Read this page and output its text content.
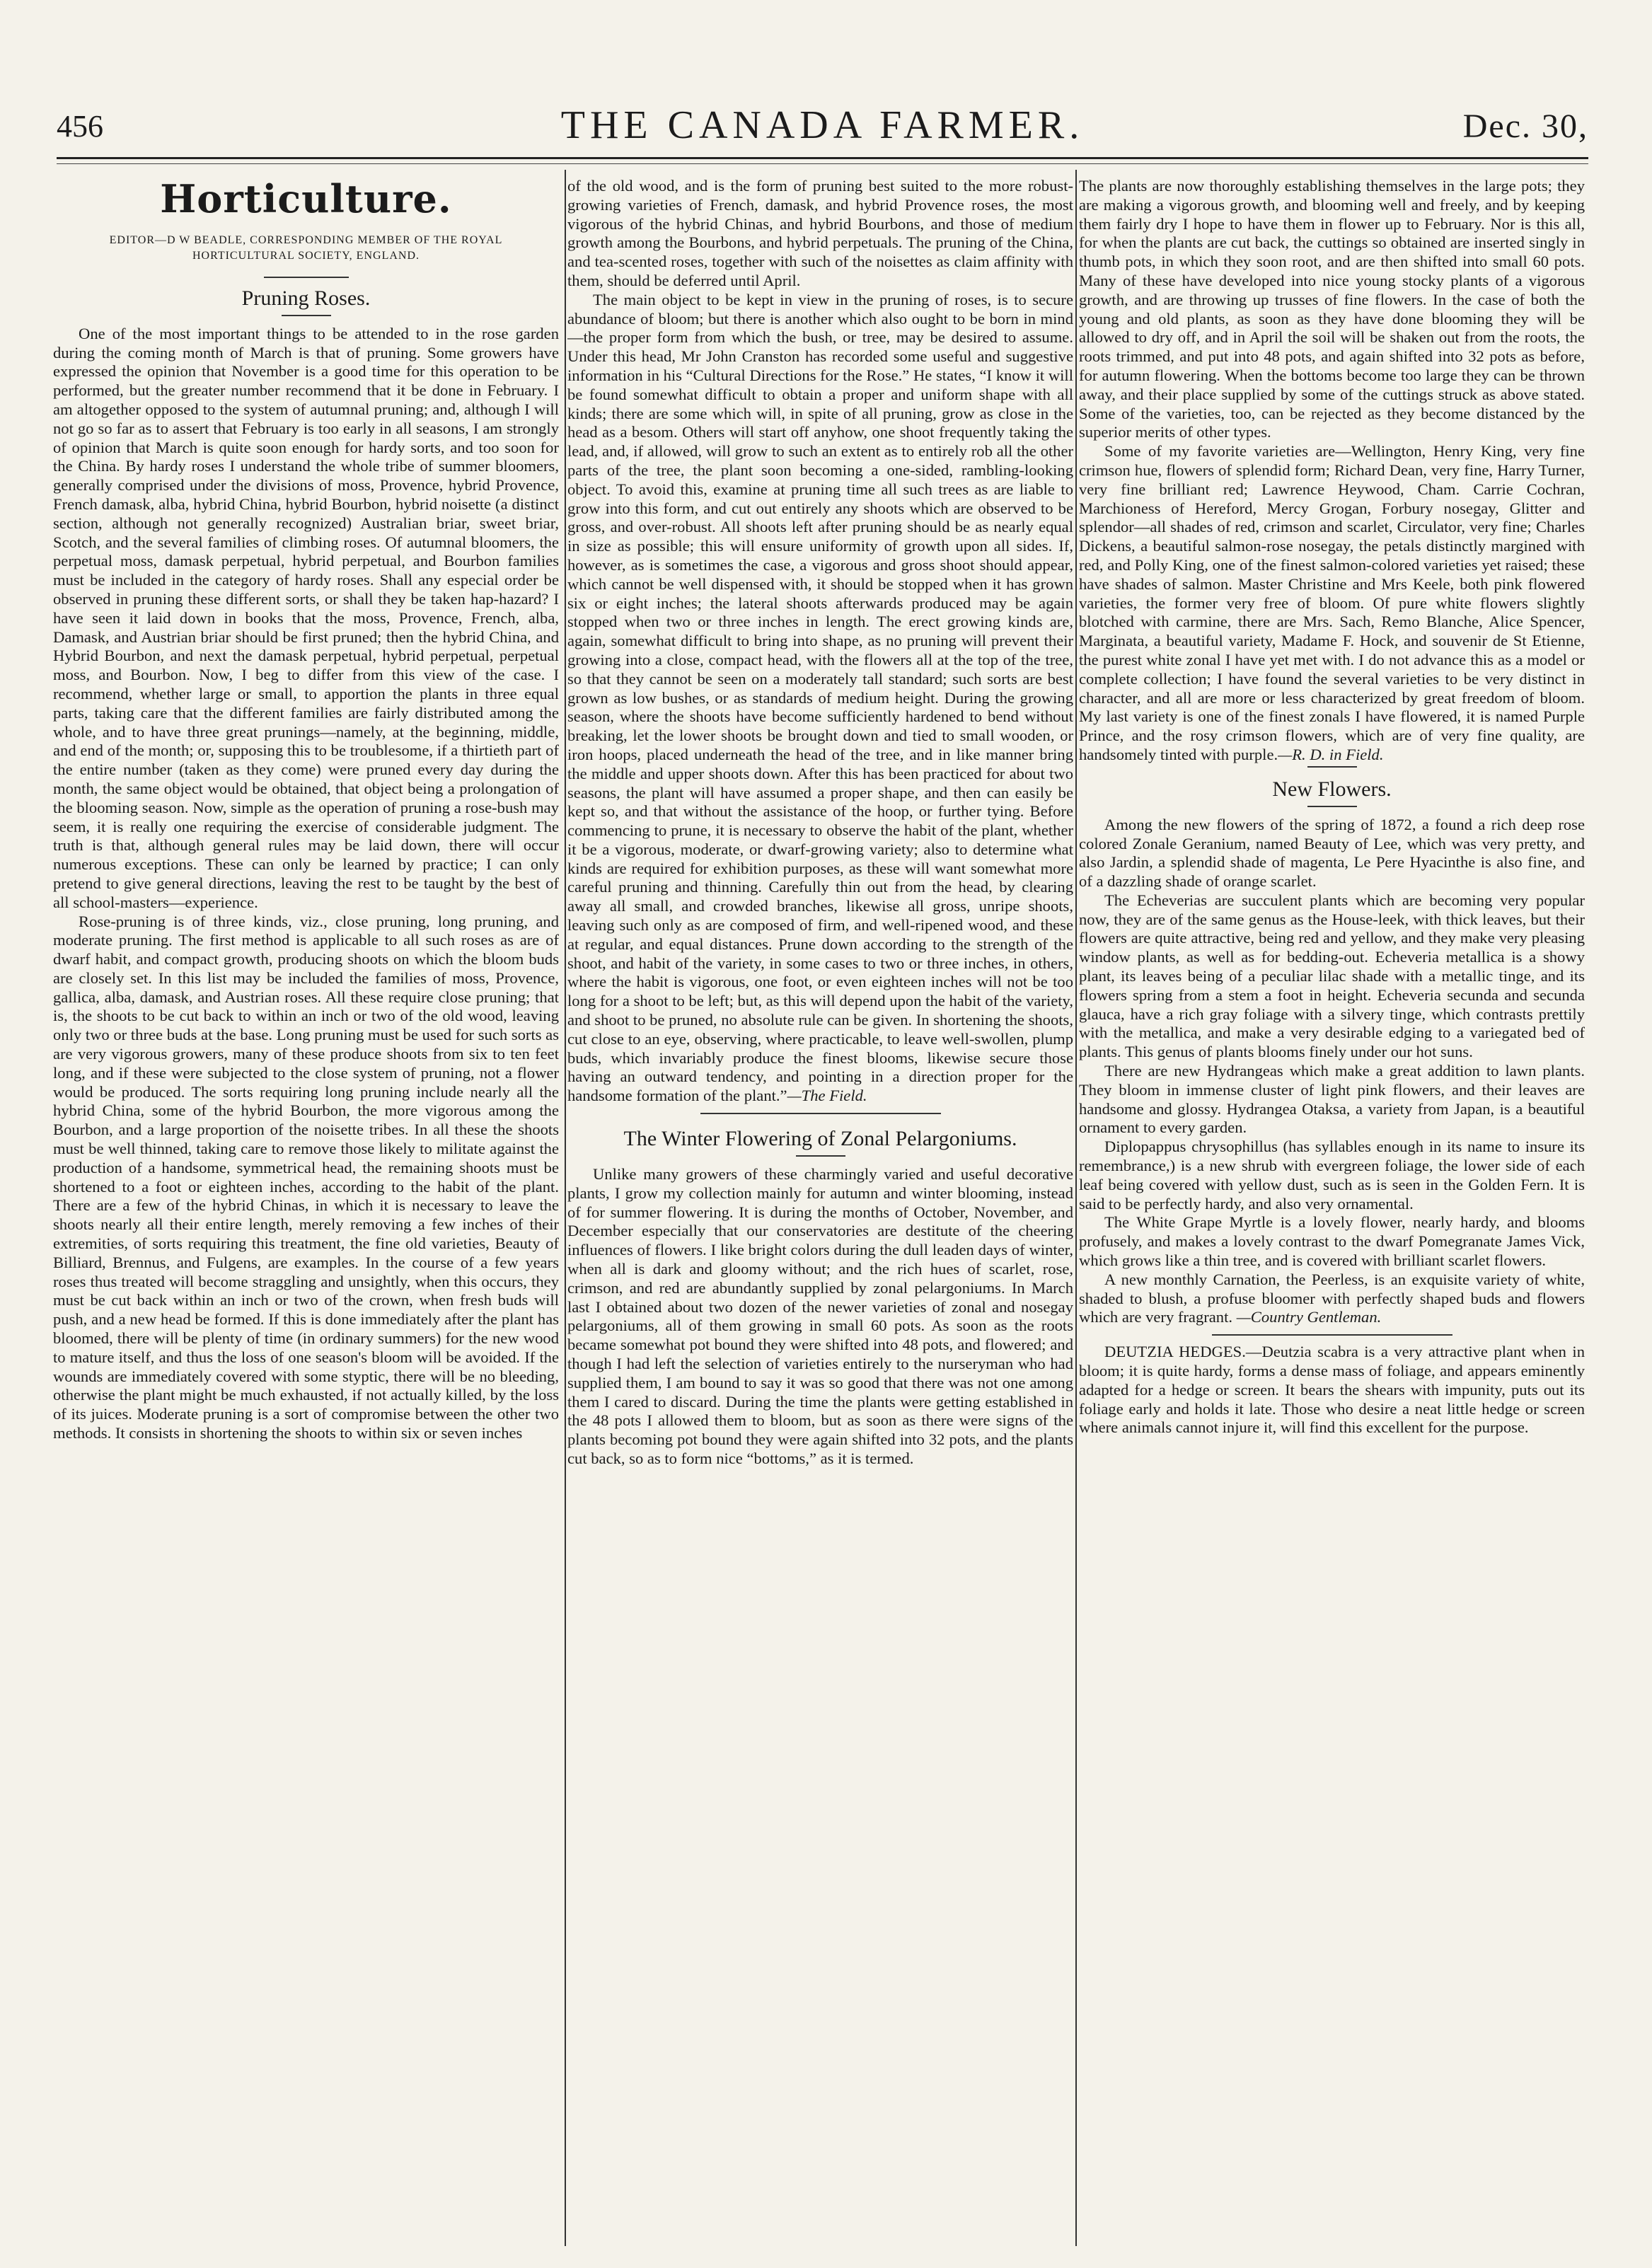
456	THE CANADA FARMER.	Dec. 30,
Horticulture.
EDITOR—D W BEADLE, CORRESPONDING MEMBER OF THE ROYAL HORTICULTURAL SOCIETY, ENGLAND.
Pruning Roses.

One of the most important things to be attended to in the rose garden during the coming month of March is that of pruning. Some growers have expressed the opinion that November is a good time for this operation to be performed, but the greater number recommend that it be done in February. I am altogether opposed to the system of autumnal pruning; and, although I will not go so far as to assert that February is too early in all seasons, I am strongly of opinion that March is quite soon enough for hardy sorts, and too soon for the China. By hardy roses I understand the whole tribe of summer bloomers, generally comprised under the divisions of moss, Provence, hybrid Provence, French damask, alba, hybrid China, hybrid Bourbon, hybrid noisette (a distinct section, although not generally recognized) Australian briar, sweet briar, Scotch, and the several families of climbing roses. Of autumnal bloomers, the perpetual moss, damask perpetual, hybrid perpetual, and Bourbon families must be included in the category of hardy roses. Shall any especial order be observed in pruning these different sorts, or shall they be taken hap-hazard? I have seen it laid down in books that the moss, Provence, French, alba, Damask, and Austrian briar should be first pruned; then the hybrid China, and Hybrid Bourbon, and next the damask perpetual, hybrid perpetual, perpetual moss, and Bourbon. Now, I beg to differ from this view of the case. I recommend, whether large or small, to apportion the plants in three equal parts, taking care that the different families are fairly distributed among the whole, and to have three great prunings—namely, at the beginning, middle, and end of the month; or, supposing this to be troublesome, if a thirtieth part of the entire number (taken as they come) were pruned every day during the month, the same object would be obtained, that object being a prolongation of the blooming season. Now, simple as the operation of pruning a rose-bush may seem, it is really one requiring the exercise of considerable judgment. The truth is that, although general rules may be laid down, there will occur numerous exceptions. These can only be learned by practice; I can only pretend to give general directions, leaving the rest to be taught by the best of all school-masters—experience.

Rose-pruning is of three kinds, viz., close pruning, long pruning, and moderate pruning. The first method is applicable to all such roses as are of dwarf habit, and compact growth, producing shoots on which the bloom buds are closely set. In this list may be included the families of moss, Provence, gallica, alba, damask, and Austrian roses. All these require close pruning; that is, the shoots to be cut back to within an inch or two of the old wood, leaving only two or three buds at the base. Long pruning must be used for such sorts as are very vigorous growers, many of these produce shoots from six to ten feet long, and if these were subjected to the close system of pruning, not a flower would be produced. The sorts requiring long pruning include nearly all the hybrid China, some of the hybrid Bourbon, the more vigorous among the Bourbon, and a large proportion of the noisette tribes. In all these the shoots must be well thinned, taking care to remove those likely to militate against the production of a handsome, symmetrical head, the remaining shoots must be shortened to a foot or eighteen inches, according to the habit of the plant. There are a few of the hybrid Chinas, in which it is necessary to leave the shoots nearly all their entire length, merely removing a few inches of their extremities, of sorts requiring this treatment, the fine old varieties, Beauty of Billiard, Brennus, and Fulgens, are examples. In the course of a few years roses thus treated will become straggling and unsightly, when this occurs, they must be cut back within an inch or two of the crown, when fresh buds will push, and a new head be formed. If this is done immediately after the plant has bloomed, there will be plenty of time (in ordinary summers) for the new wood to mature itself, and thus the loss of one season's bloom will be avoided. If the wounds are immediately covered with some styptic, there will be no bleeding, otherwise the plant might be much exhausted, if not actually killed, by the loss of its juices. Moderate pruning is a sort of compromise between the other two methods. It consists in shortening the shoots to within six or seven inches

of the old wood, and is the form of pruning best suited to the more robust-growing varieties of French, damask, and hybrid Provence roses, the most vigorous of the hybrid Chinas, and hybrid Bourbons, and those of medium growth among the Bourbons, and hybrid perpetuals. The pruning of the China, and tea-scented roses, together with such of the noisettes as claim affinity with them, should be deferred until April.

The main object to be kept in view in the pruning of roses, is to secure abundance of bloom; but there is another which also ought to be born in mind—the proper form from which the bush, or tree, may be desired to assume. Under this head, Mr John Cranston has recorded some useful and suggestive information in his “Cultural Directions for the Rose.” He states, “I know it will be found somewhat difficult to obtain a proper and uniform shape with all kinds; there are some which will, in spite of all pruning, grow as close in the head as a besom. Others will start off anyhow, one shoot frequently taking the lead, and, if allowed, will grow to such an extent as to entirely rob all the other parts of the tree, the plant soon becoming a one-sided, rambling-looking object. To avoid this, examine at pruning time all such trees as are liable to grow into this form, and cut out entirely any shoots which are observed to be gross, and over-robust. All shoots left after pruning should be as nearly equal in size as possible; this will ensure uniformity of growth upon all sides. If, however, as is sometimes the case, a vigorous and gross shoot should appear, which cannot be well dispensed with, it should be stopped when it has grown six or eight inches; the lateral shoots afterwards produced may be again stopped when two or three inches in length. The erect growing kinds are, again, somewhat difficult to bring into shape, as no pruning will prevent their growing into a close, compact head, with the flowers all at the top of the tree, so that they cannot be seen on a moderately tall standard; such sorts are best grown as low bushes, or as standards of medium height. During the growing season, where the shoots have become sufficiently hardened to bend without breaking, let the lower shoots be brought down and tied to small wooden, or iron hoops, placed underneath the head of the tree, and in like manner bring the middle and upper shoots down. After this has been practiced for about two seasons, the plant will have assumed a proper shape, and then can easily be kept so, and that without the assistance of the hoop, or further tying. Before commencing to prune, it is necessary to observe the habit of the plant, whether it be a vigorous, moderate, or dwarf-growing variety; also to determine what kinds are required for exhibition purposes, as these will want somewhat more careful pruning and thinning. Carefully thin out from the head, by clearing away all small, and crowded branches, likewise all gross, unripe shoots, leaving such only as are composed of firm, and well-ripened wood, and these at regular, and equal distances. Prune down according to the strength of the shoot, and habit of the variety, in some cases to two or three inches, in others, where the habit is vigorous, one foot, or even eighteen inches will not be too long for a shoot to be left; but, as this will depend upon the habit of the variety, and shoot to be pruned, no absolute rule can be given. In shortening the shoots, cut close to an eye, observing, where practicable, to leave well-swollen, plump buds, which invariably produce the finest blooms, likewise secure those having an outward tendency, and pointing in a direction proper for the handsome formation of the plant.”—The Field.

The Winter Flowering of Zonal Pelargoniums.

Unlike many growers of these charmingly varied and useful decorative plants, I grow my collection mainly for autumn and winter blooming, instead of for summer flowering. It is during the months of October, November, and December especially that our conservatories are destitute of the cheering influences of flowers. I like bright colors during the dull leaden days of winter, when all is dark and gloomy without; and the rich hues of scarlet, rose, crimson, and red are abundantly supplied by zonal pelargoniums. In March last I obtained about two dozen of the newer varieties of zonal and nosegay pelargoniums, all of them growing in small 60 pots. As soon as the roots became somewhat pot bound they were shifted into 48 pots, and flowered; and though I had left the selection of varieties entirely to the nurseryman who had supplied them, I am bound to say it was so good that there was not one among them I cared to discard. During the time the plants were getting established in the 48 pots I allowed them to bloom, but as soon as there were signs of the plants becoming pot bound they were again shifted into 32 pots, and the plants cut back, so as to form nice “bottoms,” as it is termed.

The plants are now thoroughly establishing themselves in the large pots; they are making a vigorous growth, and blooming well and freely, and by keeping them fairly dry I hope to have them in flower up to February. Nor is this all, for when the plants are cut back, the cuttings so obtained are inserted singly in thumb pots, in which they soon root, and are then shifted into small 60 pots. Many of these have developed into nice young stocky plants of a vigorous growth, and are throwing up trusses of fine flowers. In the case of both the young and old plants, as soon as they have done blooming they will be allowed to dry off, and in April the soil will be shaken out from the roots, the roots trimmed, and put into 48 pots, and again shifted into 32 pots as before, for autumn flowering. When the bottoms become too large they can be thrown away, and their place supplied by some of the cuttings struck as above stated. Some of the varieties, too, can be rejected as they become distanced by the superior merits of other types.

Some of my favorite varieties are—Wellington, Henry King, very fine crimson hue, flowers of splendid form; Richard Dean, very fine, Harry Turner, very fine brilliant red; Lawrence Heywood, Cham. Carrie Cochran, Marchioness of Hereford, Mercy Grogan, Forbury nosegay, Glitter and splendor—all shades of red, crimson and scarlet, Circulator, very fine; Charles Dickens, a beautiful salmon-rose nosegay, the petals distinctly margined with red, and Polly King, one of the finest salmon-colored varieties yet raised; these have shades of salmon. Master Christine and Mrs Keele, both pink flowered varieties, the former very free of bloom. Of pure white flowers slightly blotched with carmine, there are Mrs. Sach, Remo Blanche, Alice Spencer, Marginata, a beautiful variety, Madame F. Hock, and souvenir de St Etienne, the purest white zonal I have yet met with. I do not advance this as a model or complete collection; I have found the several varieties to be very distinct in character, and all are more or less characterized by great freedom of bloom. My last variety is one of the finest zonals I have flowered, it is named Purple Prince, and the rosy crimson flowers, which are of very fine quality, are handsomely tinted with purple.—R. D. in Field.

New Flowers.

Among the new flowers of the spring of 1872, a found a rich deep rose colored Zonale Geranium, named Beauty of Lee, which was very pretty, and also Jardin, a splendid shade of magenta, Le Pere Hyacinthe is also fine, and of a dazzling shade of orange scarlet.

The Echeverias are succulent plants which are becoming very popular now, they are of the same genus as the House-leek, with thick leaves, but their flowers are quite attractive, being red and yellow, and they make very pleasing window plants, as well as for bedding-out. Echeveria metallica is a showy plant, its leaves being of a peculiar lilac shade with a metallic tinge, and its flowers spring from a stem a foot in height. Echeveria secunda and secunda glauca, have a rich gray foliage with a silvery tinge, which contrasts prettily with the metallica, and make a very desirable edging to a variegated bed of plants. This genus of plants blooms finely under our hot suns.

There are new Hydrangeas which make a great addition to lawn plants. They bloom in immense cluster of light pink flowers, and their leaves are handsome and glossy. Hydrangea Otaksa, a variety from Japan, is a beautiful ornament to every garden.

Diplopappus chrysophillus (has syllables enough in its name to insure its remembrance,) is a new shrub with evergreen foliage, the lower side of each leaf being covered with yellow dust, such as is seen in the Golden Fern. It is said to be perfectly hardy, and also very ornamental.

The White Grape Myrtle is a lovely flower, nearly hardy, and blooms profusely, and makes a lovely contrast to the dwarf Pomegranate James Vick, which grows like a thin tree, and is covered with brilliant scarlet flowers.

A new monthly Carnation, the Peerless, is an exquisite variety of white, shaded to blush, a profuse bloomer with perfectly shaped buds and flowers which are very fragrant. —Country Gentleman.

DEUTZIA HEDGES.—Deutzia scabra is a very attractive plant when in bloom; it is quite hardy, forms a dense mass of foliage, and appears eminently adapted for a hedge or screen. It bears the shears with impunity, puts out its foliage early and holds it late. Those who desire a neat little hedge or screen where animals cannot injure it, will find this excellent for the purpose.
